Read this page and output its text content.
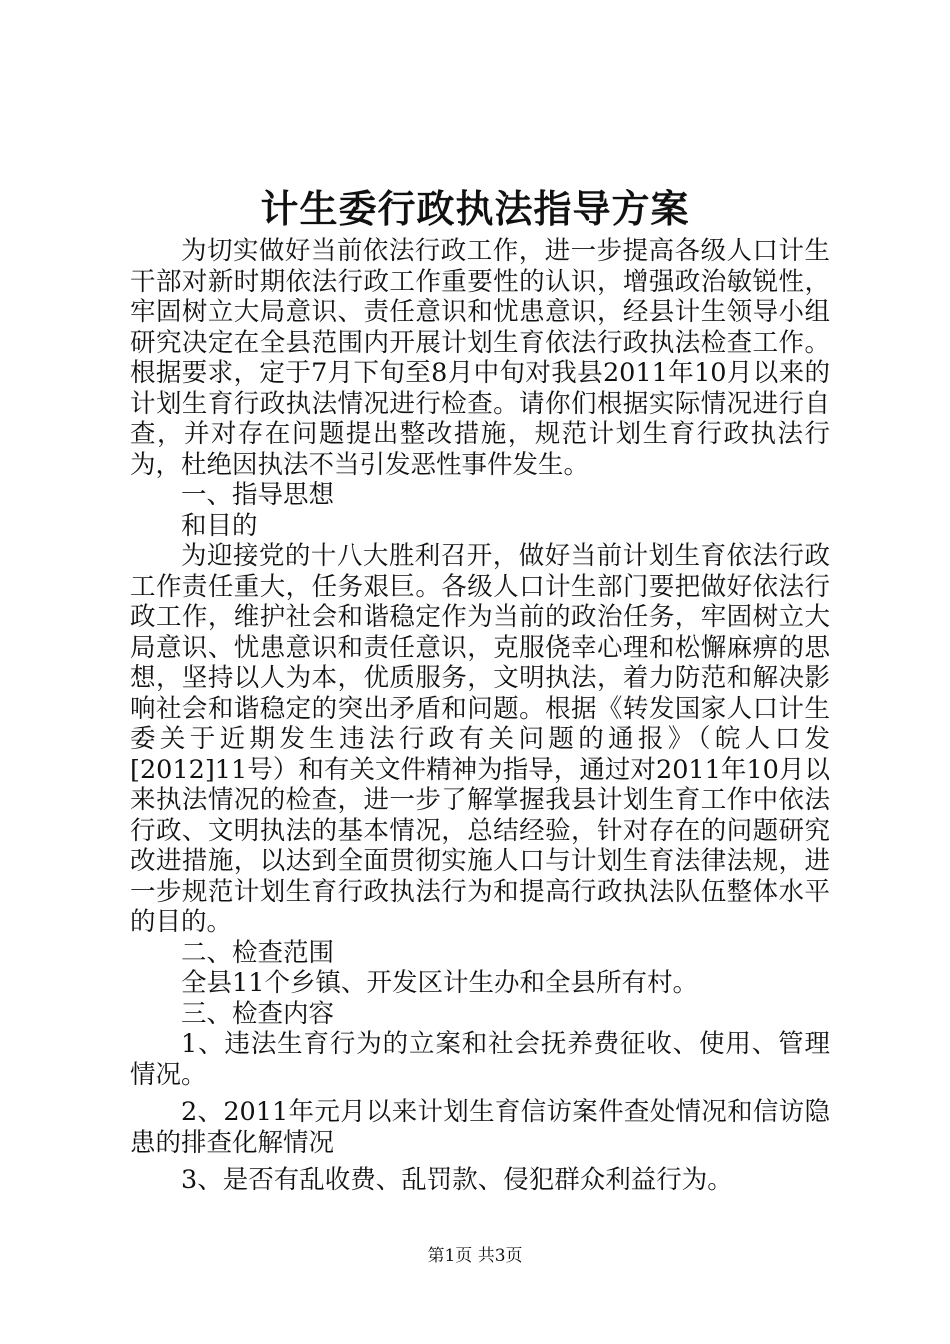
计生委行政执法指导方案

为切实做好当前依法行政工作，进一步提高各级人口计生干部对新时期依法行政工作重要性的认识，增强政治敏锐性，牢固树立大局意识、责任意识和忧患意识，经县计生领导小组研究决定在全县范围内开展计划生育依法行政执法检查工作。根据要求，定于7月下旬至8月中旬对我县2011年10月以来的计划生育行政执法情况进行检查。请你们根据实际情况进行自查，并对存在问题提出整改措施，规范计划生育行政执法行为，杜绝因执法不当引发恶性事件发生。

一、指导思想

和目的

为迎接党的十八大胜利召开，做好当前计划生育依法行政工作责任重大，任务艰巨。各级人口计生部门要把做好依法行政工作，维护社会和谐稳定作为当前的政治任务，牢固树立大局意识、忧患意识和责任意识，克服侥幸心理和松懈麻痹的思想，坚持以人为本，优质服务，文明执法，着力防范和解决影响社会和谐稳定的突出矛盾和问题。根据《转发国家人口计生委关于近期发生违法行政有关问题的通报》（皖人口发[2012]11号）和有关文件精神为指导，通过对2011年10月以来执法情况的检查，进一步了解掌握我县计划生育工作中依法行政、文明执法的基本情况，总结经验，针对存在的问题研究改进措施，以达到全面贯彻实施人口与计划生育法律法规，进一步规范计划生育行政执法行为和提高行政执法队伍整体水平的目的。

二、检查范围

全县11个乡镇、开发区计生办和全县所有村。

三、检查内容

1、违法生育行为的立案和社会抚养费征收、使用、管理情况。

2、2011年元月以来计划生育信访案件查处情况和信访隐患的排查化解情况

3、是否有乱收费、乱罚款、侵犯群众利益行为。

第1页 共3页
